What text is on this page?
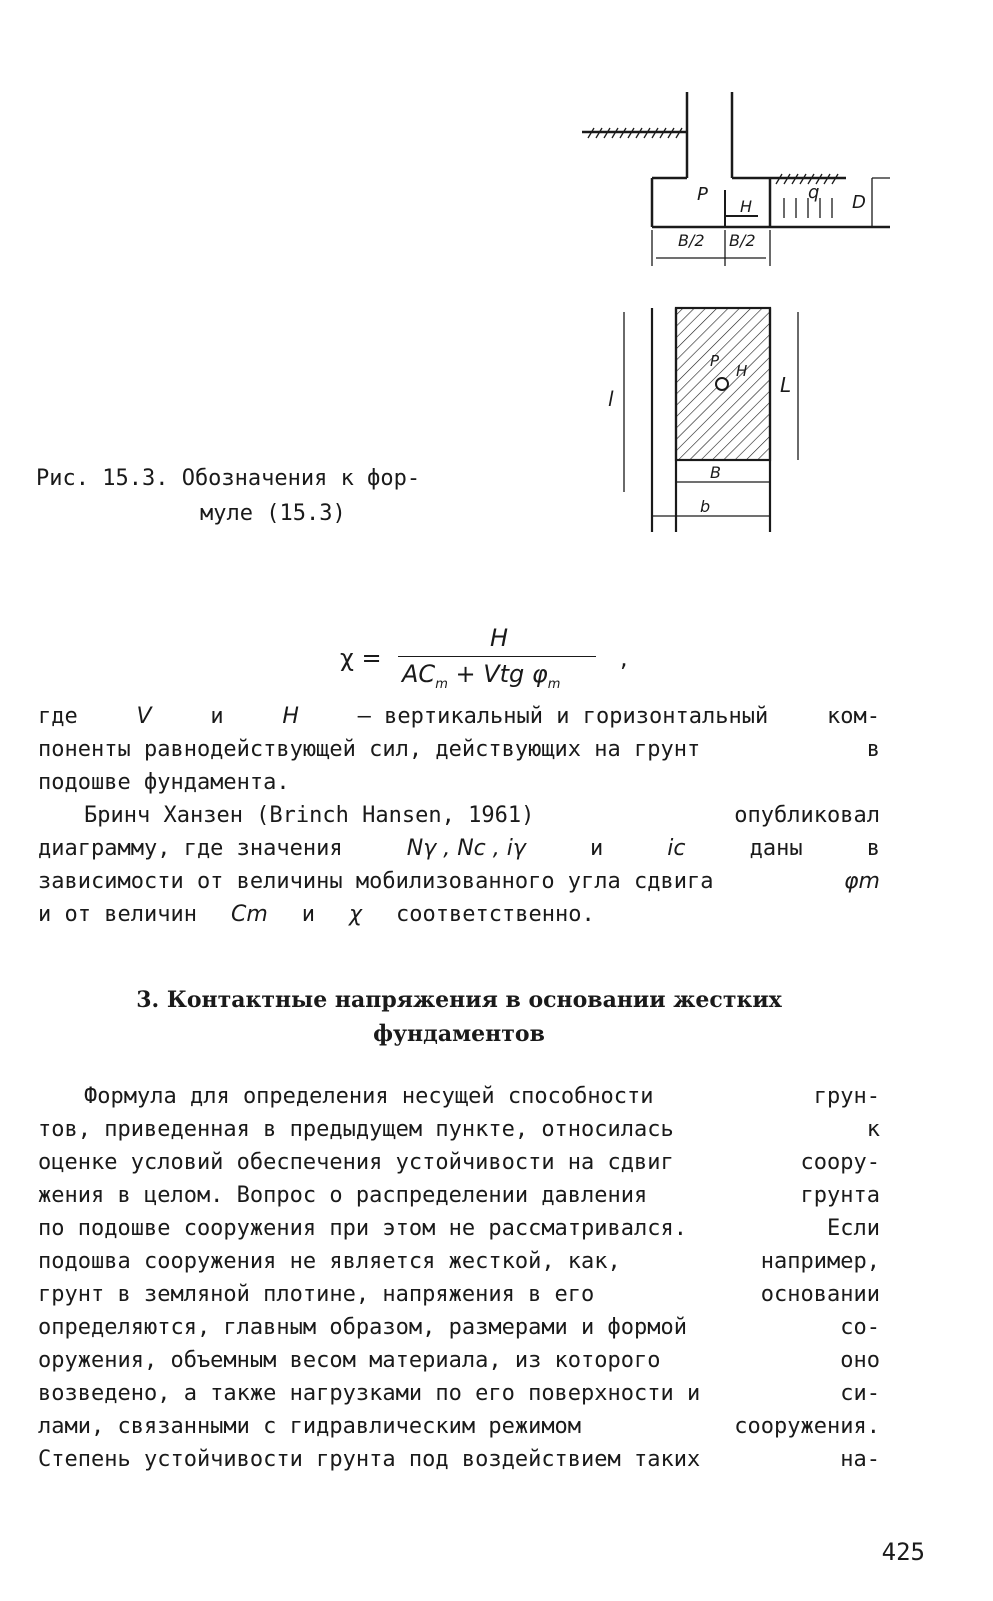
P
H
q D
B/2 B/2
P
H
l
L
B
b
Рис. 15.3. Обозначения к фор-
муле (15.3)
χ =
H
$AC_m$ + Vtg $\varphi_m$
,
где	V	и	H	– вертикальный и горизонтальный	ком-
поненты равнодействующей сил, действующих на грунт	в
подошве фундамента.
Бринч Ханзен (Brinch Hansen, 1961)	опубликовал
диаграмму, где значения	Nγ , Nc , iγ	и	ic	даны	в
зависимости от величины мобилизованного угла сдвига	φm
и от величин Cm и χ соответственно.
3. Контактные напряжения в основании жестких
фундаментов
Формула для определения несущей способности	грун-
тов, приведенная в предыдущем пункте, относилась	к
оценке условий обеспечения устойчивости на сдвиг	соору-
жения в целом. Вопрос о распределении давления	грунта
по подошве сооружения при этом не рассматривался.	Если
подошва сооружения не является жесткой, как,	например,
грунт в земляной плотине, напряжения в его	основании
определяются, главным образом, размерами и формой	со-
оружения, объемным весом материала, из которого	оно
возведено, а также нагрузками по его поверхности и	си-
лами, связанными с гидравлическим режимом	сооружения.
Степень устойчивости грунта под воздействием таких	на-
425
